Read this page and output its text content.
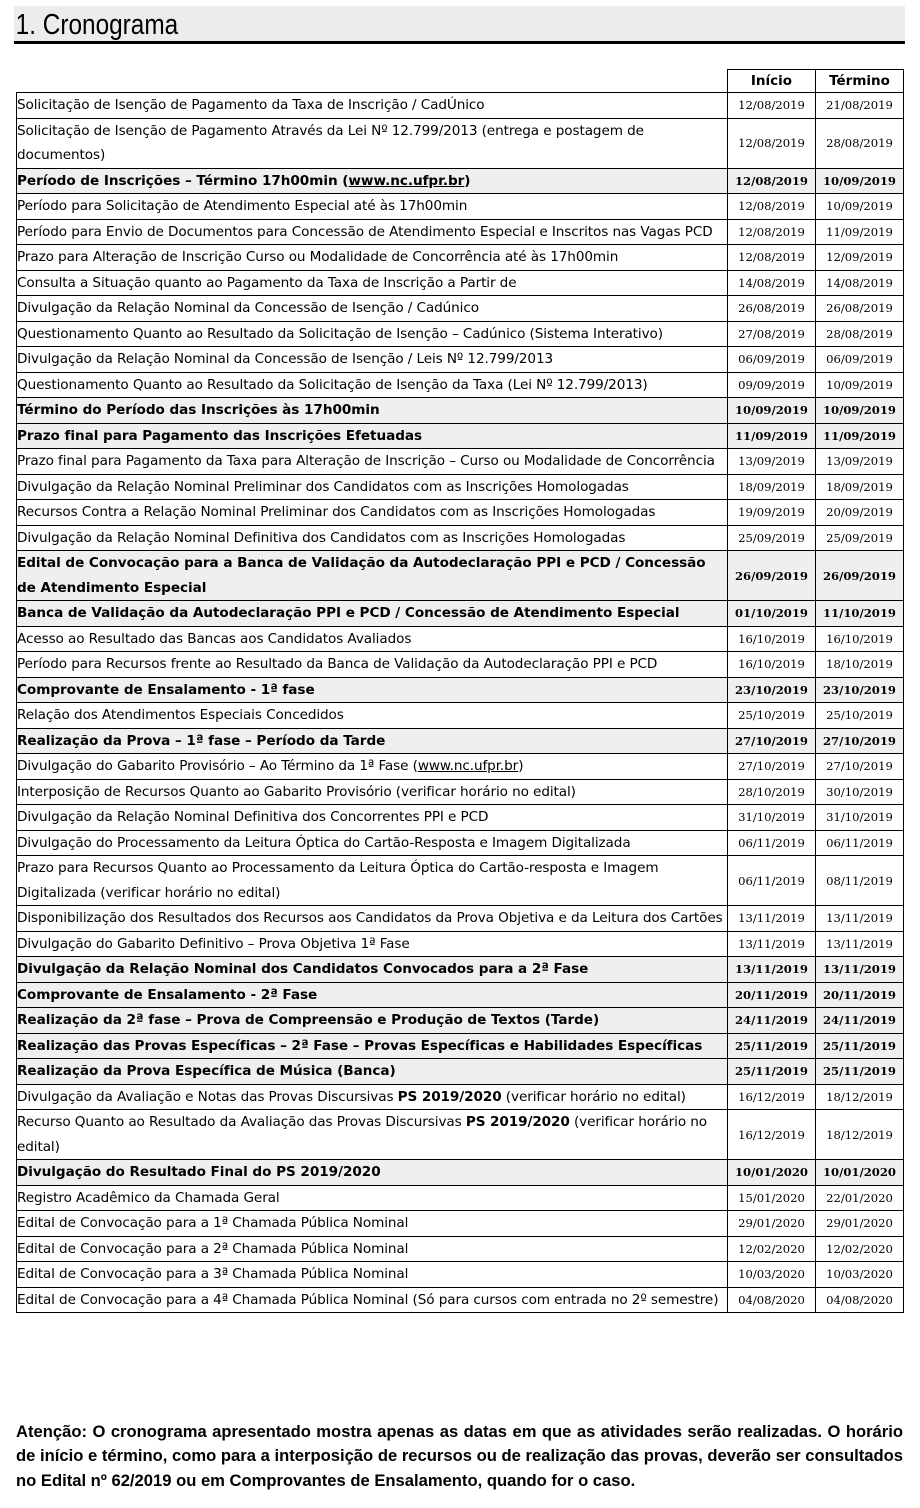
1. Cronograma
	Início	Término
Solicitação de Isenção de Pagamento da Taxa de Inscrição / CadÚnico	12/08/2019	21/08/2019
Solicitação de Isenção de Pagamento Através da Lei Nº 12.799/2013 (entrega e postagem de documentos)	12/08/2019	28/08/2019
Período de Inscrições – Término 17h00min (www.nc.ufpr.br)	12/08/2019	10/09/2019
Período para Solicitação de Atendimento Especial até às 17h00min	12/08/2019	10/09/2019
Período para Envio de Documentos para Concessão de Atendimento Especial e Inscritos nas Vagas PCD	12/08/2019	11/09/2019
Prazo para Alteração de Inscrição Curso ou Modalidade de Concorrência até às 17h00min	12/08/2019	12/09/2019
Consulta a Situação quanto ao Pagamento da Taxa de Inscrição a Partir de	14/08/2019	14/08/2019
Divulgação da Relação Nominal da Concessão de Isenção / Cadúnico	26/08/2019	26/08/2019
Questionamento Quanto ao Resultado da Solicitação de Isenção – Cadúnico (Sistema Interativo)	27/08/2019	28/08/2019
Divulgação da Relação Nominal da Concessão de Isenção / Leis Nº 12.799/2013	06/09/2019	06/09/2019
Questionamento Quanto ao Resultado da Solicitação de Isenção da Taxa (Lei Nº 12.799/2013)	09/09/2019	10/09/2019
Término do Período das Inscrições às 17h00min	10/09/2019	10/09/2019
Prazo final para Pagamento das Inscrições Efetuadas	11/09/2019	11/09/2019
Prazo final para Pagamento da Taxa para Alteração de Inscrição – Curso ou Modalidade de Concorrência	13/09/2019	13/09/2019
Divulgação da Relação Nominal Preliminar dos Candidatos com as Inscrições Homologadas	18/09/2019	18/09/2019
Recursos Contra a Relação Nominal Preliminar dos Candidatos com as Inscrições Homologadas	19/09/2019	20/09/2019
Divulgação da Relação Nominal Definitiva dos Candidatos com as Inscrições Homologadas	25/09/2019	25/09/2019
Edital de Convocação para a Banca de Validação da Autodeclaração PPI e PCD / Concessão de Atendimento Especial	26/09/2019	26/09/2019
Banca de Validação da Autodeclaração PPI e PCD / Concessão de Atendimento Especial	01/10/2019	11/10/2019
Acesso ao Resultado das Bancas aos Candidatos Avaliados	16/10/2019	16/10/2019
Período para Recursos frente ao Resultado da Banca de Validação da Autodeclaração PPI e PCD	16/10/2019	18/10/2019
Comprovante de Ensalamento - 1ª fase	23/10/2019	23/10/2019
Relação dos Atendimentos Especiais Concedidos	25/10/2019	25/10/2019
Realização da Prova – 1ª fase – Período da Tarde	27/10/2019	27/10/2019
Divulgação do Gabarito Provisório – Ao Término da 1ª Fase (www.nc.ufpr.br)	27/10/2019	27/10/2019
Interposição de Recursos Quanto ao Gabarito Provisório (verificar horário no edital)	28/10/2019	30/10/2019
Divulgação da Relação Nominal Definitiva dos Concorrentes PPI e PCD	31/10/2019	31/10/2019
Divulgação do Processamento da Leitura Óptica do Cartão-Resposta e Imagem Digitalizada	06/11/2019	06/11/2019
Prazo para Recursos Quanto ao Processamento da Leitura Óptica do Cartão-resposta e Imagem Digitalizada (verificar horário no edital)	06/11/2019	08/11/2019
Disponibilização dos Resultados dos Recursos aos Candidatos da Prova Objetiva e da Leitura dos Cartões	13/11/2019	13/11/2019
Divulgação do Gabarito Definitivo – Prova Objetiva 1ª Fase	13/11/2019	13/11/2019
Divulgação da Relação Nominal dos Candidatos Convocados para a 2ª Fase	13/11/2019	13/11/2019
Comprovante de Ensalamento - 2ª Fase	20/11/2019	20/11/2019
Realização da 2ª fase – Prova de Compreensão e Produção de Textos (Tarde)	24/11/2019	24/11/2019
Realização das Provas Específicas – 2ª Fase – Provas Específicas e Habilidades Específicas	25/11/2019	25/11/2019
Realização da Prova Específica de Música (Banca)	25/11/2019	25/11/2019
Divulgação da Avaliação e Notas das Provas Discursivas PS 2019/2020 (verificar horário no edital)	16/12/2019	18/12/2019
Recurso Quanto ao Resultado da Avaliação das Provas Discursivas PS 2019/2020 (verificar horário no edital)	16/12/2019	18/12/2019
Divulgação do Resultado Final do PS 2019/2020	10/01/2020	10/01/2020
Registro Acadêmico da Chamada Geral	15/01/2020	22/01/2020
Edital de Convocação para a 1ª Chamada Pública Nominal	29/01/2020	29/01/2020
Edital de Convocação para a 2ª Chamada Pública Nominal	12/02/2020	12/02/2020
Edital de Convocação para a 3ª Chamada Pública Nominal	10/03/2020	10/03/2020
Edital de Convocação para a 4ª Chamada Pública Nominal (Só para cursos com entrada no 2º semestre)	04/08/2020	04/08/2020

Atenção: O cronograma apresentado mostra apenas as datas em que as atividades serão realizadas. O horário de início e término, como para a interposição de recursos ou de realização das provas, deverão ser consultados no Edital nº 62/2019 ou em Comprovantes de Ensalamento, quando for o caso.
